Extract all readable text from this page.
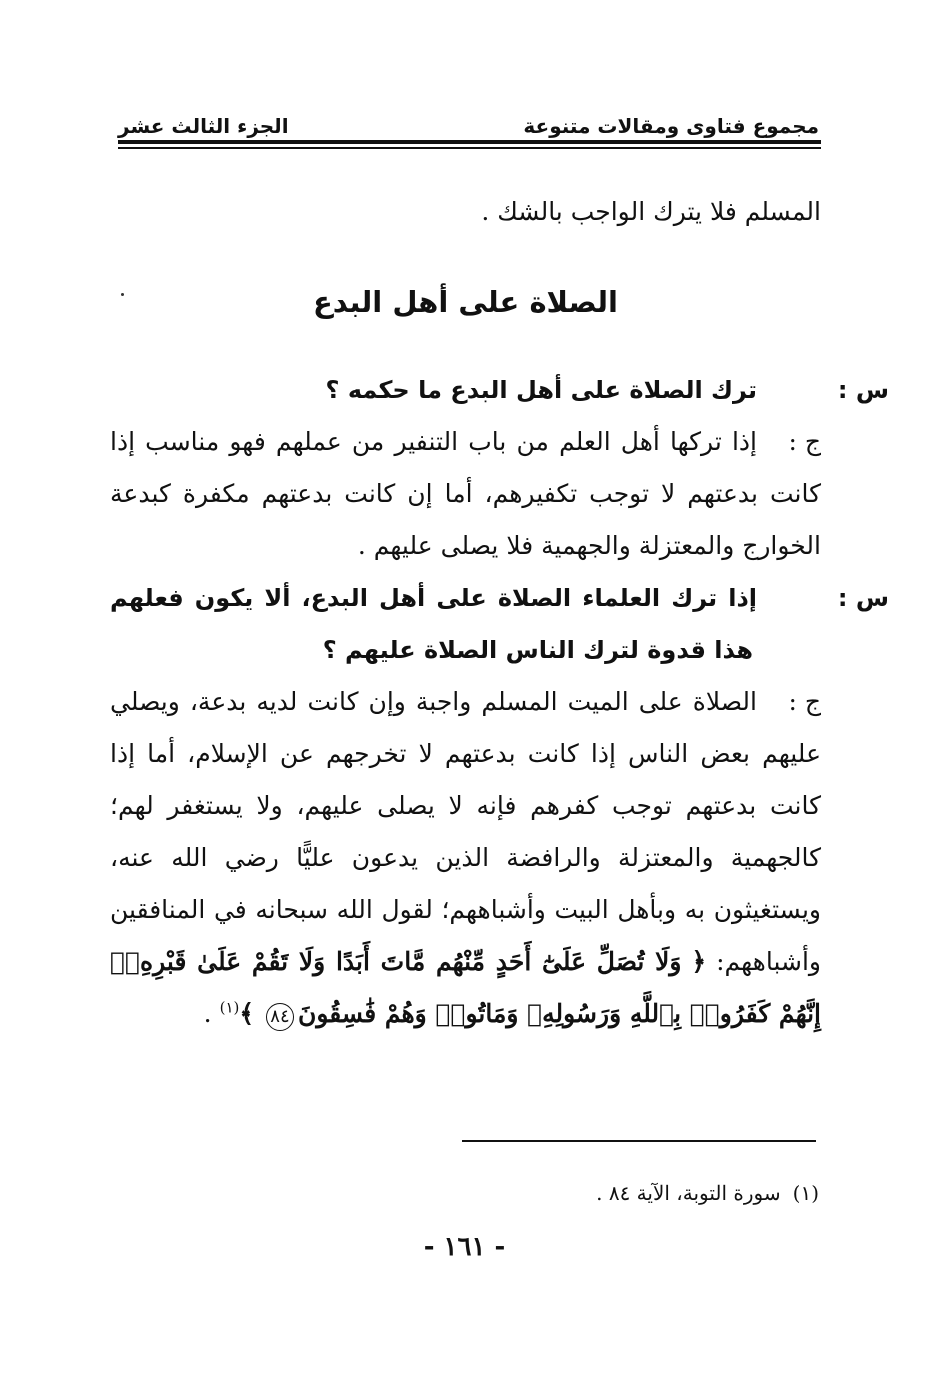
مجموع فتاوى ومقالات متنوعة
الجزء الثالث عشر

المسلم فلا يترك الواجب بالشك .

الصلاة على أهل البدع

س :ترك الصلاة على أهل البدع ما حكمه ؟

ج :إذا تركها أهل العلم من باب التنفير من عملهم فهو مناسب إذا كانت بدعتهم لا توجب تكفيرهم، أما إن كانت بدعتهم مكفرة كبدعة الخوارج والمعتزلة والجهمية فلا يصلى عليهم .

س :إذا ترك العلماء الصلاة على أهل البدع، ألا يكون فعلهم هذا قدوة لترك الناس الصلاة عليهم ؟

ج :الصلاة على الميت المسلم واجبة وإن كانت لديه بدعة، ويصلي عليهم بعض الناس إذا كانت بدعتهم لا تخرجهم عن الإسلام، أما إذا كانت بدعتهم توجب كفرهم فإنه لا يصلى عليهم، ولا يستغفر لهم؛ كالجهمية والمعتزلة والرافضة الذين يدعون عليًّا رضي الله عنه، ويستغيثون به وبأهل البيت وأشباههم؛ لقول الله سبحانه في المنافقين وأشباههم: ﴿ وَلَا تُصَلِّ عَلَىٰٓ أَحَدٍ مِّنْهُم مَّاتَ أَبَدًا وَلَا تَقُمْ عَلَىٰ قَبْرِهِۦٓ إِنَّهُمْ كَفَرُوا۟ بِٱللَّهِ وَرَسُولِهِۦ وَمَاتُوا۟ وَهُمْ فَٰسِقُونَ٨٤ ﴾$^{(١)}$ .

(١)سورة التوبة، الآية ٨٤ .
- ١٦١ -
